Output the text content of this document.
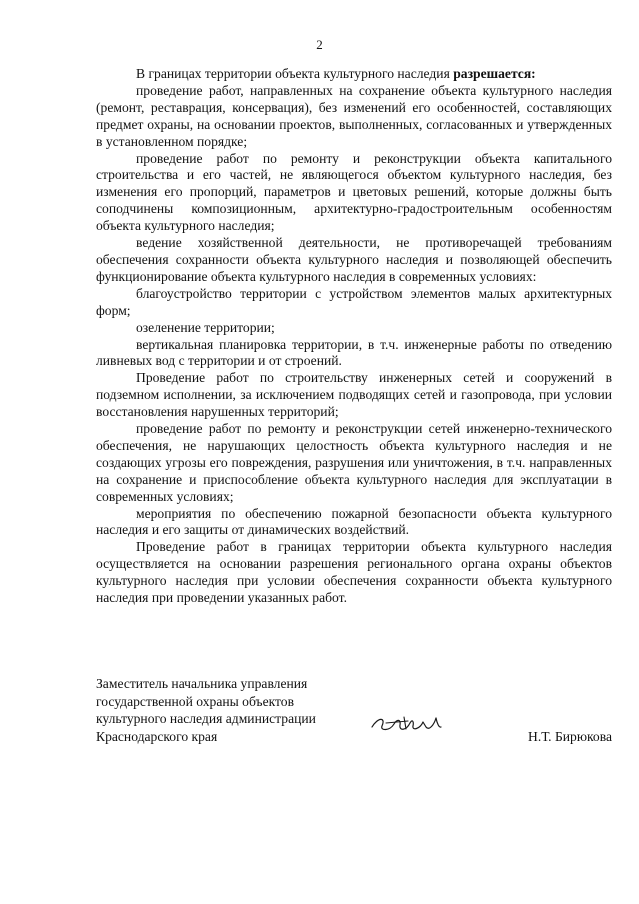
2

В границах территории объекта культурного наследия разрешается:

проведение работ, направленных на сохранение объекта культурного наследия (ремонт, реставрация, консервация), без изменений его особенностей, составляющих предмет охраны, на основании проектов, выполненных, согласованных и утвержденных в установленном порядке;

проведение работ по ремонту и реконструкции объекта капитального строительства и его частей, не являющегося объектом культурного наследия, без изменения его пропорций, параметров и цветовых решений, которые должны быть соподчинены композиционным, архитектурно-градостроительным особенностям объекта культурного наследия;

ведение хозяйственной деятельности, не противоречащей требованиям обеспечения сохранности объекта культурного наследия и позволяющей обеспечить функционирование объекта культурного наследия в современных условиях:

благоустройство территории с устройством элементов малых архитектурных форм;

озеленение территории;

вертикальная планировка территории, в т.ч. инженерные работы по отведению ливневых вод с территории и от строений.

Проведение работ по строительству инженерных сетей и сооружений в подземном исполнении, за исключением подводящих сетей и газопровода, при условии восстановления нарушенных территорий;

проведение работ по ремонту и реконструкции сетей инженерно-технического обеспечения, не нарушающих целостность объекта культурного наследия и не создающих угрозы его повреждения, разрушения или уничтожения, в т.ч. направленных на сохранение и приспособление объекта культурного наследия для эксплуатации в современных условиях;

мероприятия по обеспечению пожарной безопасности объекта культурного наследия и его защиты от динамических воздействий.

Проведение работ в границах территории объекта культурного наследия осуществляется на основании разрешения регионального органа охраны объектов культурного наследия при условии обеспечения сохранности объекта культурного наследия при проведении указанных работ.

Заместитель начальника управления
государственной охраны объектов
культурного наследия администрации
Краснодарского края	Н.Т. Бирюкова
